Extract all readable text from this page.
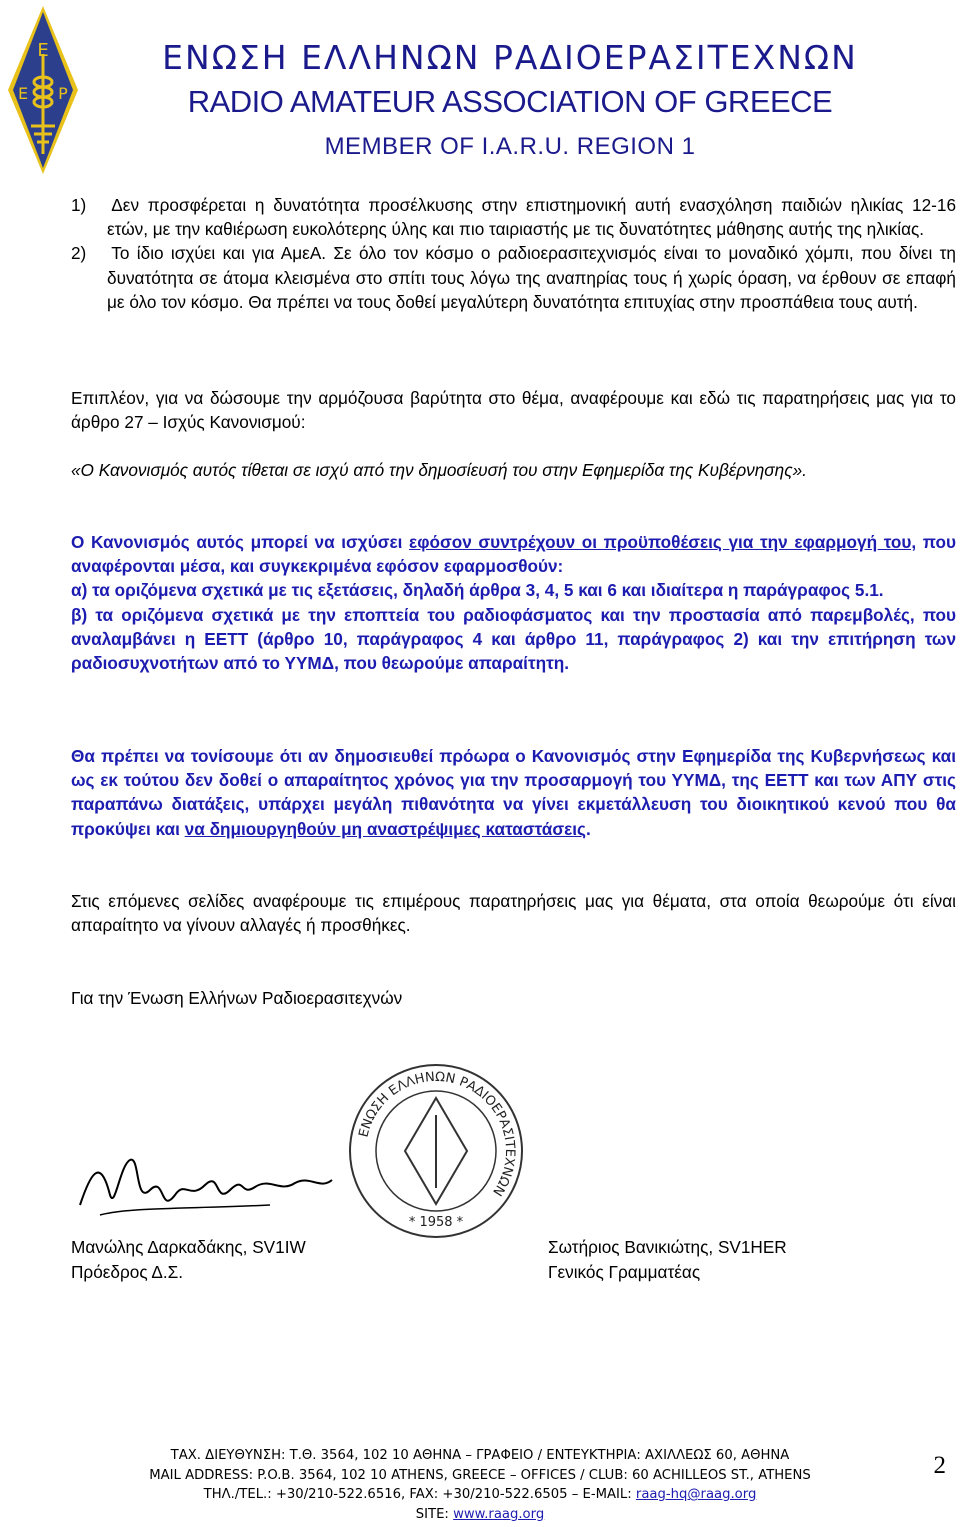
Ε
Ε Ρ
ΕΝΩΣΗ ΕΛΛΗΝΩΝ ΡΑΔΙΟΕΡΑΣΙΤΕΧΝΩΝ
RADIO AMATEUR ASSOCIATION OF GREECE
MEMBER OF I.A.R.U. REGION 1

1) Δεν προσφέρεται η δυνατότητα προσέλκυσης στην επιστημονική αυτή ενασχόληση παιδιών ηλικίας 12-16 ετών, με την καθιέρωση ευκολότερης ύλης και πιο ταιριαστής με τις δυνατότητες μάθησης αυτής της ηλικίας.

2) Το ίδιο ισχύει και για ΑμεΑ. Σε όλο τον κόσμο ο ραδιοερασιτεχνισμός είναι το μοναδικό χόμπι, που δίνει τη δυνατότητα σε άτομα κλεισμένα στο σπίτι τους λόγω της αναπηρίας τους ή χωρίς όραση, να έρθουν σε επαφή με όλο τον κόσμο. Θα πρέπει να τους δοθεί μεγαλύτερη δυνατότητα επιτυχίας στην προσπάθεια τους αυτή.

Επιπλέον, για να δώσουμε την αρμόζουσα βαρύτητα στο θέμα, αναφέρουμε και εδώ τις παρατηρήσεις μας για το άρθρο 27 – Ισχύς Κανονισμού:
«Ο Κανονισμός αυτός τίθεται σε ισχύ από την δημοσίευσή του στην Εφημερίδα της Κυβέρνησης».
Ο Κανονισμός αυτός μπορεί να ισχύσει εφόσον συντρέχουν οι προϋποθέσεις για την εφαρμογή του, που αναφέρονται μέσα, και συγκεκριμένα εφόσον εφαρμοσθούν:
α) τα οριζόμενα σχετικά με τις εξετάσεις, δηλαδή άρθρα 3, 4, 5 και 6 και ιδιαίτερα η παράγραφος 5.1.
β) τα οριζόμενα σχετικά με την εποπτεία του ραδιοφάσματος και την προστασία από παρεμβολές, που αναλαμβάνει η ΕΕΤΤ (άρθρο 10, παράγραφος 4 και άρθρο 11, παράγραφος 2) και την επιτήρηση των ραδιοσυχνοτήτων από το ΥΥΜΔ, που θεωρούμε απαραίτητη.
Θα πρέπει να τονίσουμε ότι αν δημοσιευθεί πρόωρα ο Κανονισμός στην Εφημερίδα της Κυβερνήσεως και ως εκ τούτου δεν δοθεί ο απαραίτητος χρόνος για την προσαρμογή του ΥΥΜΔ, της ΕΕΤΤ και των ΑΠΥ στις παραπάνω διατάξεις, υπάρχει μεγάλη πιθανότητα να γίνει εκμετάλλευση του διοικητικού κενού που θα προκύψει και να δημιουργηθούν μη αναστρέψιμες καταστάσεις.
Στις επόμενες σελίδες αναφέρουμε τις επιμέρους παρατηρήσεις μας για θέματα, στα οποία θεωρούμε ότι είναι απαραίτητο να γίνουν αλλαγές ή προσθήκες.
Για την Ένωση Ελλήνων Ραδιοερασιτεχνών
ΕΝΩΣΗ ΕΛΛΗΝΩΝ ΡΑΔΙΟΕΡΑΣΙΤΕΧΝΩΝ
* 1958 *
Μανώλης Δαρκαδάκης, SV1IW
Πρόεδρος Δ.Σ.
Σωτήριος Βανικιώτης, SV1HER
Γενικός Γραμματέας
ΤΑΧ. ΔΙΕΥΘΥΝΣΗ: Τ.Θ. 3564, 102 10 ΑΘΗΝΑ – ΓΡΑΦΕΙΟ / ΕΝΤΕΥΚΤΗΡΙΑ: ΑΧΙΛΛΕΩΣ 60, ΑΘΗΝΑ
MAIL ADDRESS: P.O.B. 3564, 102 10 ATHENS, GREECE – OFFICES / CLUB: 60 ACHILLEOS ST., ATHENS
ΤΗΛ./TEL.: +30/210-522.6516, FAX: +30/210-522.6505 – E-MAIL: raag-hq@raag.org
SITE: www.raag.org
2
